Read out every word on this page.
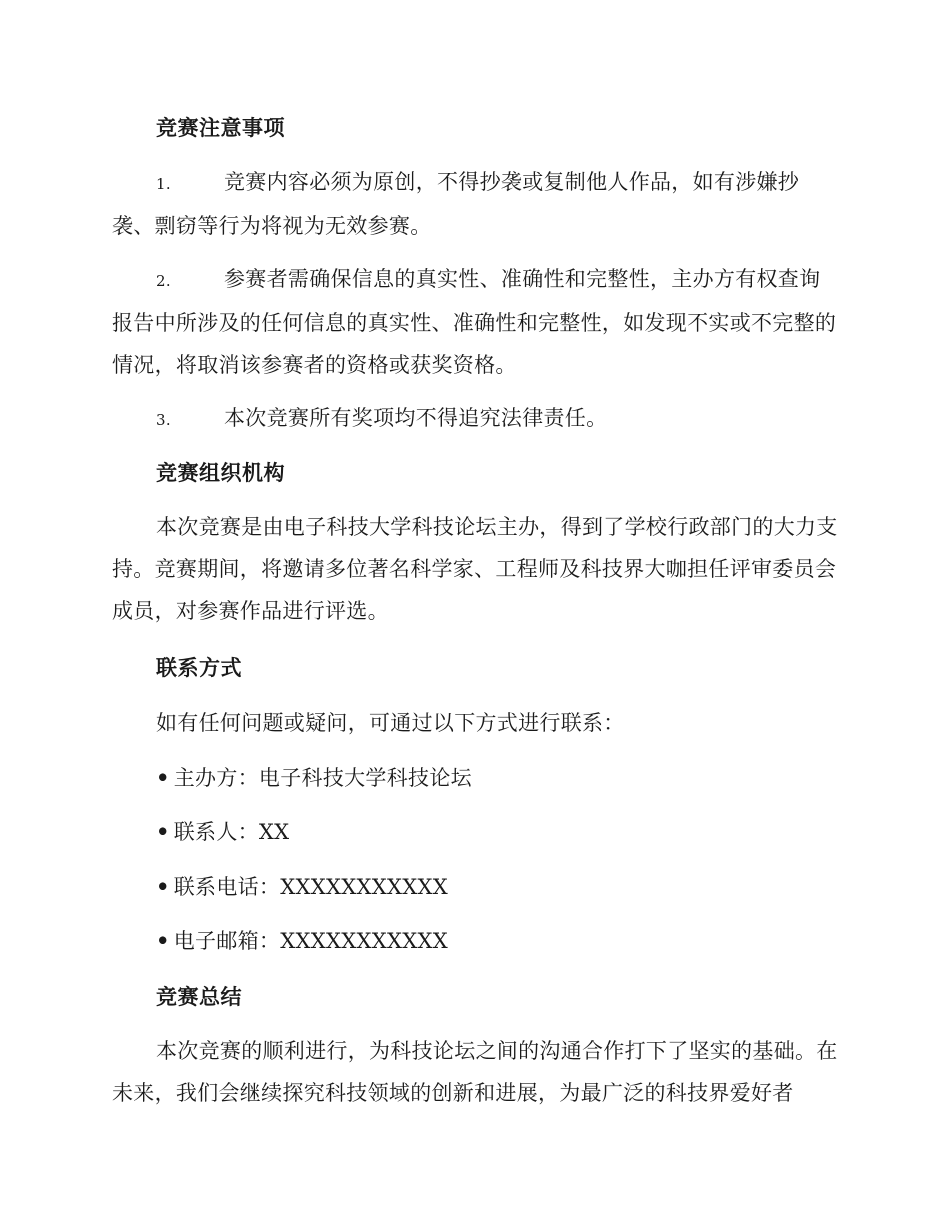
竞赛注意事项

1.	竞赛内容必须为原创，不得抄袭或复制他人作品，如有涉嫌抄袭、剽窃等行为将视为无效参赛。

2.	参赛者需确保信息的真实性、准确性和完整性，主办方有权查询报告中所涉及的任何信息的真实性、准确性和完整性，如发现不实或不完整的情况，将取消该参赛者的资格或获奖资格。

3.	本次竞赛所有奖项均不得追究法律责任。

竞赛组织机构

本次竞赛是由电子科技大学科技论坛主办，得到了学校行政部门的大力支持。竞赛期间，将邀请多位著名科学家、工程师及科技界大咖担任评审委员会成员，对参赛作品进行评选。

联系方式
如有任何问题或疑问，可通过以下方式进行联系：
• 主办方：电子科技大学科技论坛
• 联系人：XX
• 联系电话：XXXXXXXXXXX
• 电子邮箱：XXXXXXXXXXX
竞赛总结

本次竞赛的顺利进行，为科技论坛之间的沟通合作打下了坚实的基础。在未来，我们会继续探究科技领域的创新和进展，为最广泛的科技界爱好者
